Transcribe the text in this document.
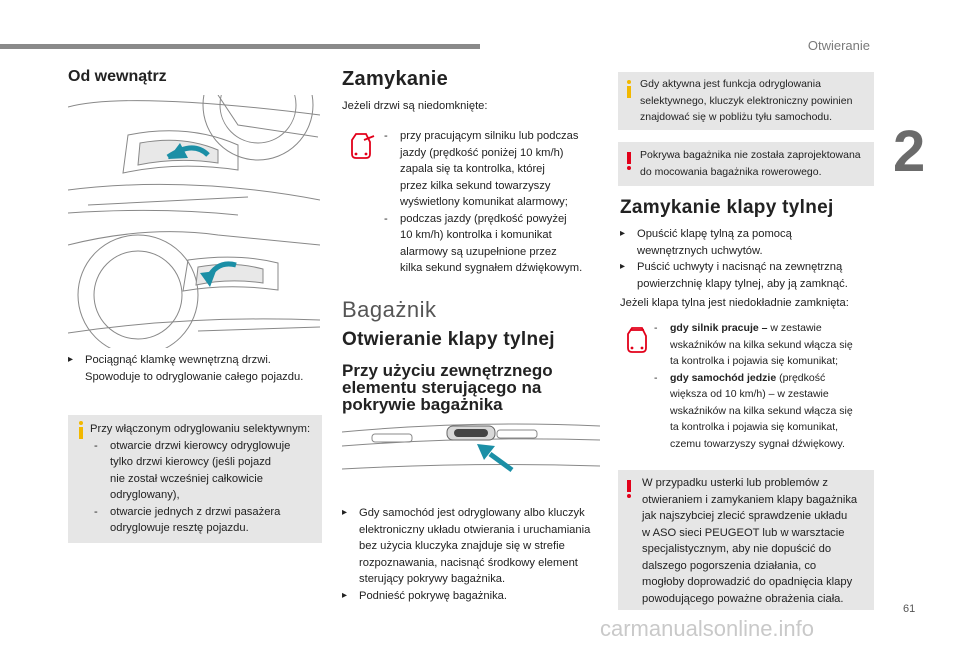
Otwieranie
2
61
carmanualsonline.info
Od wewnątrz
▸ Pociągnąć klamkę wewnętrzną drzwi.
Spowoduje to odryglowanie całego pojazdu.
Przy włączonym odryglowaniu selektywnym:
- otwarcie drzwi kierowcy odryglowuje
tylko drzwi kierowcy (jeśli pojazd
nie został wcześniej całkowicie
odryglowany),
- otwarcie jednych z drzwi pasażera
odryglowuje resztę pojazdu.
Zamykanie
Jeżeli drzwi są niedomknięte:
- przy pracującym silniku lub podczas
jazdy (prędkość poniżej 10 km/h)
zapala się ta kontrolka, której
przez kilka sekund towarzyszy
wyświetlony komunikat alarmowy;
- podczas jazdy (prędkość powyżej
10 km/h) kontrolka i komunikat
alarmowy są uzupełnione przez
kilka sekund sygnałem dźwiękowym.
Bagażnik
Otwieranie klapy tylnej
Przy użyciu zewnętrznego
elementu sterującego na
pokrywie bagażnika
▸ Gdy samochód jest odryglowany albo kluczyk
elektroniczny układu otwierania i uruchamiania
bez użycia kluczyka znajduje się w strefie
rozpoznawania, nacisnąć środkowy element
sterujący pokrywy bagażnika.
▸ Podnieść pokrywę bagażnika.
Gdy aktywna jest funkcja odryglowania
selektywnego, kluczyk elektroniczny powinien
znajdować się w pobliżu tyłu samochodu.
Pokrywa bagażnika nie została zaprojektowana
do mocowania bagażnika rowerowego.
Zamykanie klapy tylnej
▸ Opuścić klapę tylną za pomocą
wewnętrznych uchwytów.
▸ Puścić uchwyty i nacisnąć na zewnętrzną
powierzchnię klapy tylnej, aby ją zamknąć.
Jeżeli klapa tylna jest niedokładnie zamknięta:
- gdy silnik pracuje – w zestawie
wskaźników na kilka sekund włącza się
ta kontrolka i pojawia się komunikat;
- gdy samochód jedzie (prędkość
większa od 10 km/h) – w zestawie
wskaźników na kilka sekund włącza się
ta kontrolka i pojawia się komunikat,
czemu towarzyszy sygnał dźwiękowy.
W przypadku usterki lub problemów z
otwieraniem i zamykaniem klapy bagażnika
jak najszybciej zlecić sprawdzenie układu
w ASO sieci PEUGEOT lub w warsztacie
specjalistycznym, aby nie dopuścić do
dalszego pogorszenia działania, co
mogłoby doprowadzić do opadnięcia klapy
powodującego poważne obrażenia ciała.
